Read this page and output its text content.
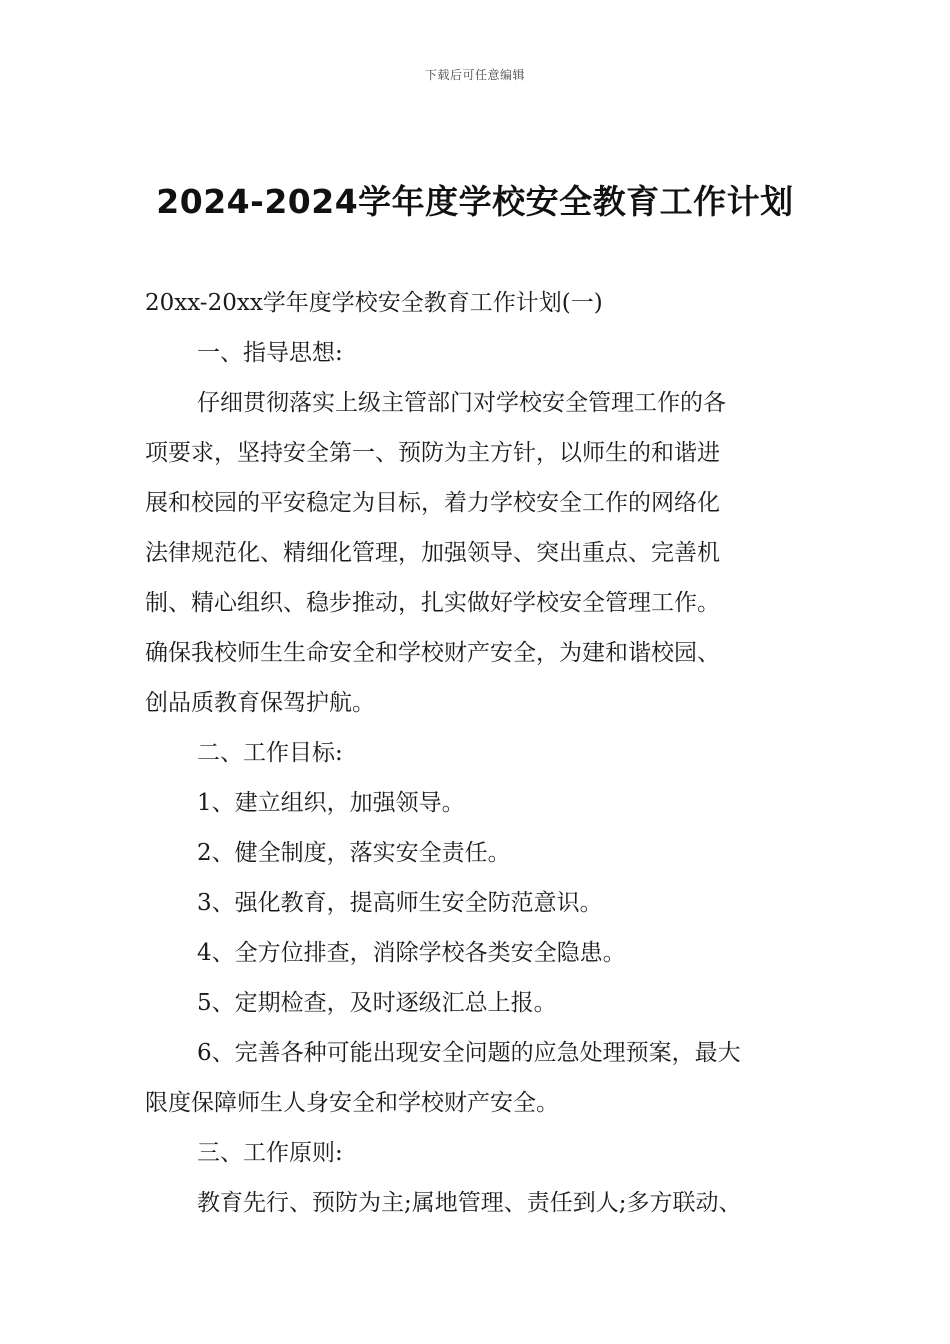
下载后可任意编辑
2024-2024学年度学校安全教育工作计划
20xx-20xx学年度学校安全教育工作计划(一)
一、指导思想:
仔细贯彻落实上级主管部门对学校安全管理工作的各
项要求，坚持安全第一、预防为主方针，以师生的和谐进
展和校园的平安稳定为目标，着力学校安全工作的网络化
法律规范化、精细化管理，加强领导、突出重点、完善机
制、精心组织、稳步推动，扎实做好学校安全管理工作。
确保我校师生生命安全和学校财产安全，为建和谐校园、
创品质教育保驾护航。
二、工作目标:
1、建立组织，加强领导。
2、健全制度，落实安全责任。
3、强化教育，提高师生安全防范意识。
4、全方位排查，消除学校各类安全隐患。
5、定期检查，及时逐级汇总上报。
6、完善各种可能出现安全问题的应急处理预案，最大
限度保障师生人身安全和学校财产安全。
三、工作原则:
教育先行、预防为主;属地管理、责任到人;多方联动、
